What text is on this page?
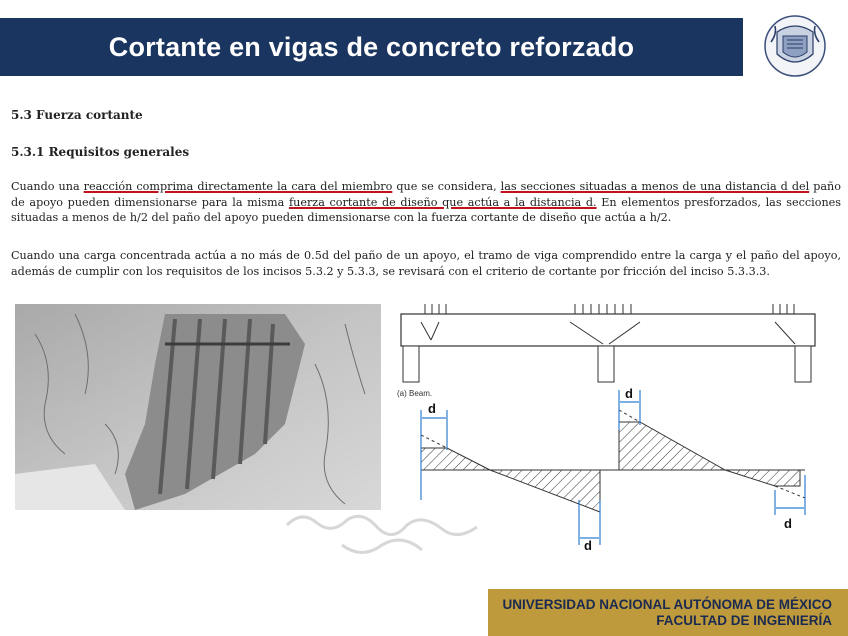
Cortante en vigas de concreto reforzado
5.3 Fuerza cortante
5.3.1 Requisitos generales

Cuando una reacción comprima directamente la cara del miembro que se considera, las secciones situadas a menos de una distancia d del paño de apoyo pueden dimensionarse para la misma fuerza cortante de diseño que actúa a la distancia d. En elementos presforzados, las secciones situadas a menos de h/2 del paño del apoyo pueden dimensionarse con la fuerza cortante de diseño que actúa a h/2.

Cuando una carga concentrada actúa a no más de 0.5d del paño de un apoyo, el tramo de viga comprendido entre la carga y el paño del apoyo, además de cumplir con los requisitos de los incisos 5.3.2 y 5.3.3, se revisará con el criterio de cortante por fricción del inciso 5.3.3.3.

(a) Beam.
d
d
d
d
UNIVERSIDAD NACIONAL AUTÓNOMA DE MÉXICO
FACULTAD DE INGENIERÍA
